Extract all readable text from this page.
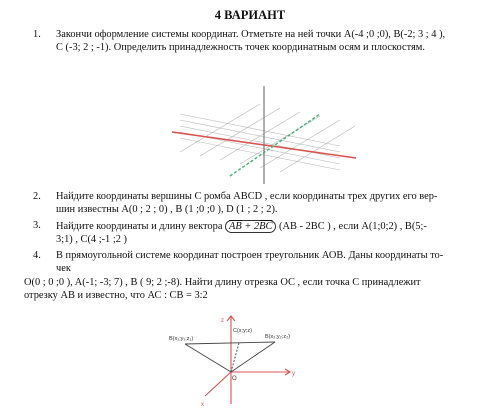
4 ВАРИАНТ
1. Закончи оформление системы координат. Отметьте на ней точки A(-4 ;0 ;0), B(-2; 3 ; 4 ),
C (-3; 2 ; -1). Определить принадлежность точек координатным осям и плоскостям.
2. Найдите координаты вершины C ромба ABCD , если координаты трех других его вер-
шин известны A(0 ; 2 ; 0) , B (1 ;0 ;0 ), D (1 ; 2 ; 2).
3. Найдите координаты и длину вектора $\overline{AB} + 2\overline{BC}$ (AB - 2BC ) , если A(1;0;2) , B(5;-
3;1) , C(4 ;-1 ;2 )
4. В прямоугольной системе координат построен треугольник АОВ. Даны координаты то-
чек
O(0 ; 0 ;0 ), A(-1; -3; 7) , B ( 9; 2 ;-8). Найти длину отрезка ОС , если точка С принадлежит
отрезку АВ и известно, что АС : СВ = 3:2
B(x₁;y₁;z₁)	B(x₂;y₂;z₂)
C(x;y;z)
O
x
y
z
